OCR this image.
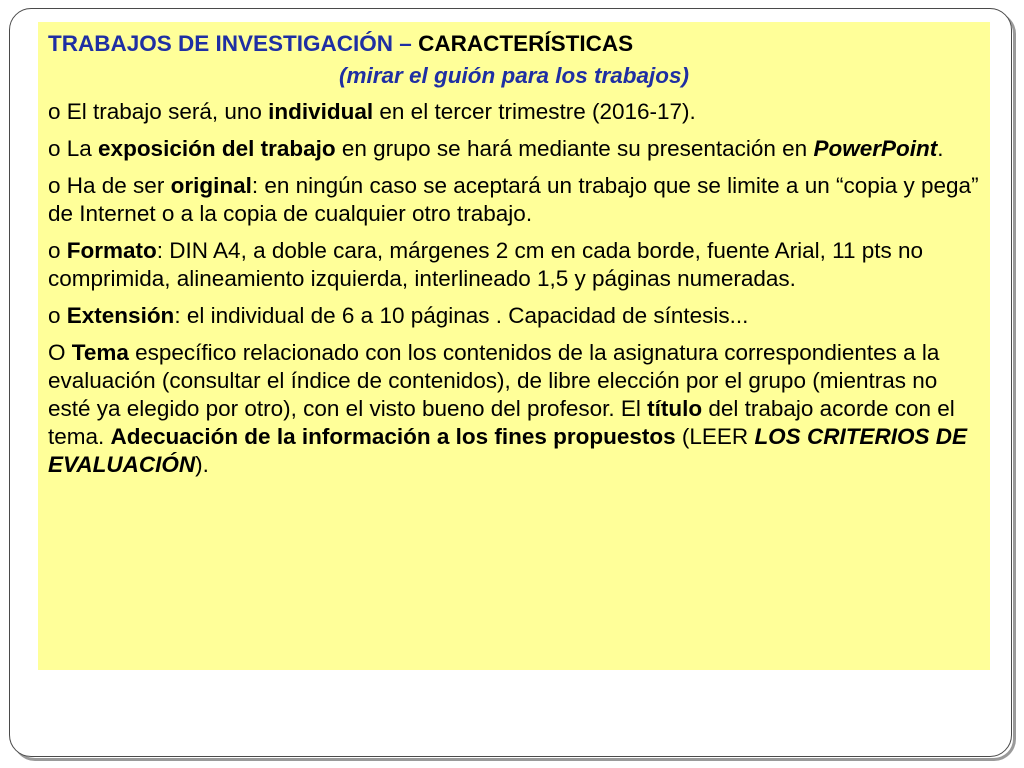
TRABAJOS DE INVESTIGACIÓN – CARACTERÍSTICAS

(mirar el guión para los trabajos)

o El trabajo será, uno individual en el tercer trimestre (2016-17).

o La exposición del trabajo en grupo se hará mediante su presentación en PowerPoint.

o Ha de ser original: en ningún caso se aceptará un trabajo que se limite a un “copia y pega” de Internet o a la copia de cualquier otro trabajo.

o Formato: DIN A4, a doble cara, márgenes 2 cm en cada borde, fuente Arial, 11 pts no comprimida, alineamiento izquierda, interlineado 1,5 y páginas numeradas.

o Extensión: el individual de 6 a 10 páginas . Capacidad de síntesis...

O Tema específico relacionado con los contenidos de la asignatura correspondientes a la evaluación (consultar el índice de contenidos), de libre elección por el grupo (mientras no esté ya elegido por otro), con el visto bueno del profesor. El título del trabajo acorde con el tema. Adecuación de la información a los fines propuestos (LEER LOS CRITERIOS DE EVALUACIÓN).
